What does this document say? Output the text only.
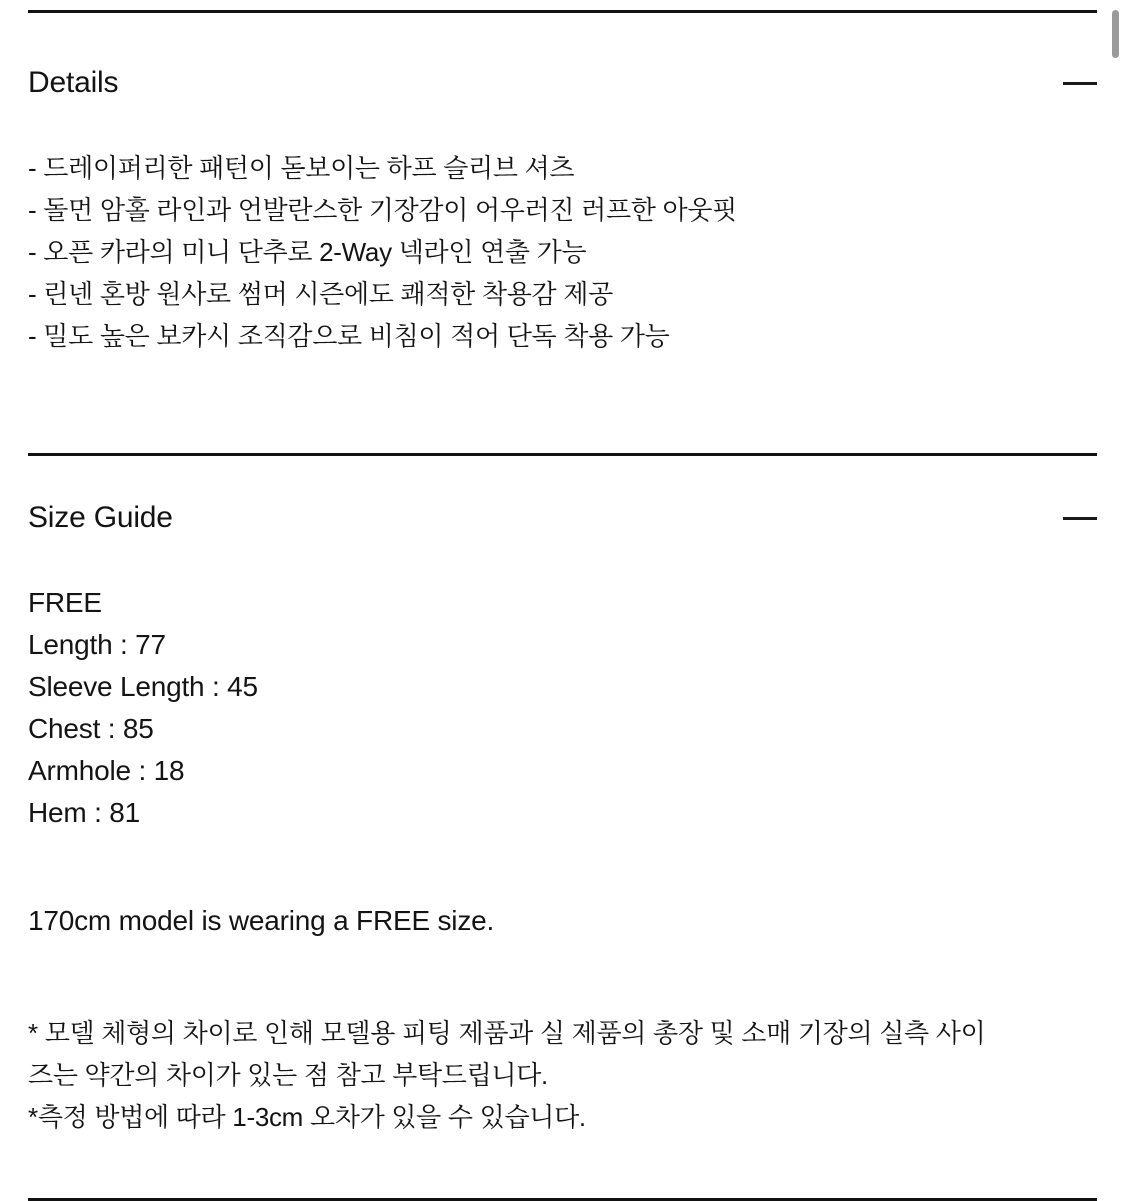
Details
- 드레이퍼리한 패턴이 돋보이는 하프 슬리브 셔츠
- 돌먼 암홀 라인과 언발란스한 기장감이 어우러진 러프한 아웃핏
- 오픈 카라의 미니 단추로 2-Way 넥라인 연출 가능
- 린넨 혼방 원사로 썸머 시즌에도 쾌적한 착용감 제공
- 밀도 높은 보카시 조직감으로 비침이 적어 단독 착용 가능
Size Guide
FREE
Length : 77
Sleeve Length : 45
Chest : 85
Armhole : 18
Hem : 81
170cm model is wearing a FREE size.
* 모델 체형의 차이로 인해 모델용 피팅 제품과 실 제품의 총장 및 소매 기장의 실측 사이
즈는 약간의 차이가 있는 점 참고 부탁드립니다.
*측정 방법에 따라 1-3cm 오차가 있을 수 있습니다.
